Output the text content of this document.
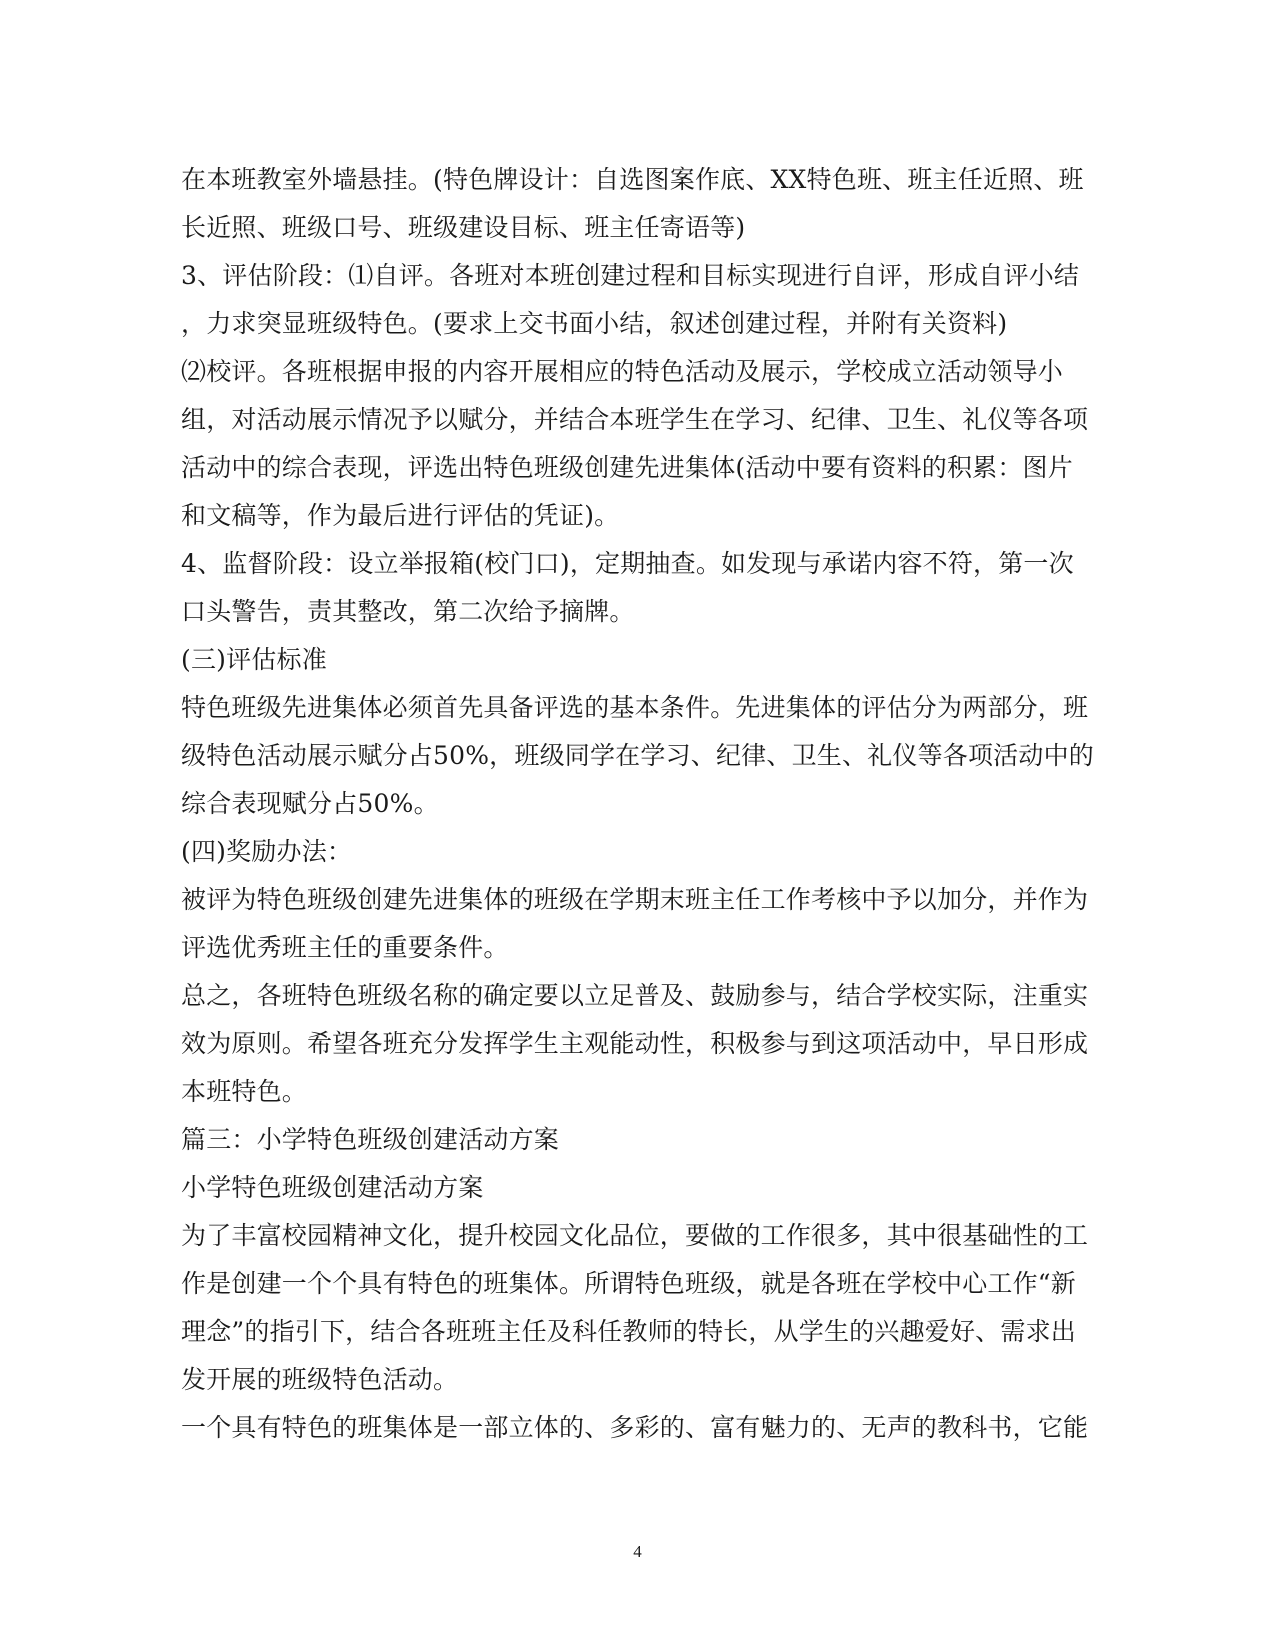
在本班教室外墙悬挂。(特色牌设计：自选图案作底、XX特色班、班主任近照、班
长近照、班级口号、班级建设目标、班主任寄语等)
3、评估阶段：⑴自评。各班对本班创建过程和目标实现进行自评，形成自评小结
，力求突显班级特色。(要求上交书面小结，叙述创建过程，并附有关资料)
⑵校评。各班根据申报的内容开展相应的特色活动及展示，学校成立活动领导小
组，对活动展示情况予以赋分，并结合本班学生在学习、纪律、卫生、礼仪等各项
活动中的综合表现，评选出特色班级创建先进集体(活动中要有资料的积累：图片
和文稿等，作为最后进行评估的凭证)。
4、监督阶段：设立举报箱(校门口)，定期抽查。如发现与承诺内容不符，第一次
口头警告，责其整改，第二次给予摘牌。
(三)评估标准
特色班级先进集体必须首先具备评选的基本条件。先进集体的评估分为两部分，班
级特色活动展示赋分占50%，班级同学在学习、纪律、卫生、礼仪等各项活动中的
综合表现赋分占50%。
(四)奖励办法：
被评为特色班级创建先进集体的班级在学期末班主任工作考核中予以加分，并作为
评选优秀班主任的重要条件。
总之，各班特色班级名称的确定要以立足普及、鼓励参与，结合学校实际，注重实
效为原则。希望各班充分发挥学生主观能动性，积极参与到这项活动中，早日形成
本班特色。
篇三：小学特色班级创建活动方案
小学特色班级创建活动方案
为了丰富校园精神文化，提升校园文化品位，要做的工作很多，其中很基础性的工
作是创建一个个具有特色的班集体。所谓特色班级，就是各班在学校中心工作“新
理念”的指引下，结合各班班主任及科任教师的特长，从学生的兴趣爱好、需求出
发开展的班级特色活动。
一个具有特色的班集体是一部立体的、多彩的、富有魅力的、无声的教科书，它能
4
